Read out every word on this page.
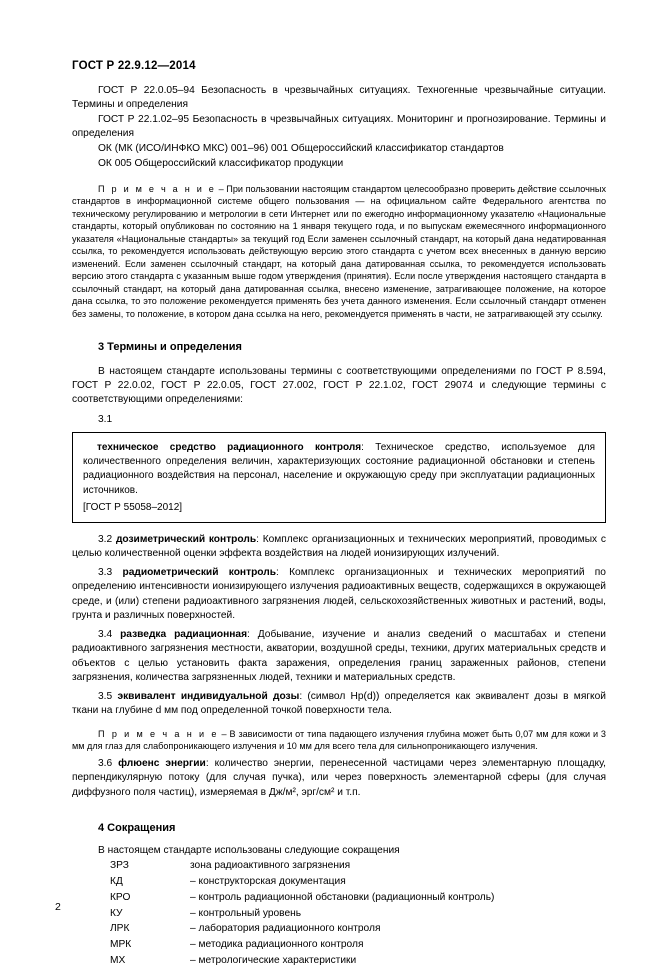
ГОСТ Р 22.9.12—2014

ГОСТ Р 22.0.05–94 Безопасность в чрезвычайных ситуациях. Техногенные чрезвычайные ситуации. Термины и определения

ГОСТ Р 22.1.02–95 Безопасность в чрезвычайных ситуациях. Мониторинг и прогнозирование. Термины и определения

ОК (МК (ИСО/ИНФКО МКС) 001–96) 001 Общероссийский классификатор стандартов
ОК 005 Общероссийский классификатор продукции
П р и м е ч а н и е – При пользовании настоящим стандартом целесообразно проверить действие ссылочных стандартов в информационной системе общего пользования — на официальном сайте Федерального агентства по техническому регулированию и метрологии в сети Интернет или по ежегодно информационному указателю «Национальные стандарты, который опубликован по состоянию на 1 января текущего года, и по выпускам ежемесячного информационного указателя «Национальные стандарты» за текущий год Если заменен ссылочный стандарт, на который дана недатированная ссылка, то рекомендуется использовать действующую версию этого стандарта с учетом всех внесенных в данную версию изменений. Если заменен ссылочный стандарт, на который дана датированная ссылка, то рекомендуется использовать версию этого стандарта с указанным выше годом утверждения (принятия). Если после утверждения настоящего стандарта в ссылочный стандарт, на который дана датированная ссылка, внесено изменение, затрагивающее положение, на которое дана ссылка, то это положение рекомендуется применять без учета данного изменения. Если ссылочный стандарт отменен без замены, то положение, в котором дана ссылка на него, рекомендуется применять в части, не затрагивающей эту ссылку.
3 Термины и определения

В настоящем стандарте использованы термины с соответствующими определениями по ГОСТ Р 8.594, ГОСТ Р 22.0.02, ГОСТ Р 22.0.05, ГОСТ 27.002, ГОСТ Р 22.1.02, ГОСТ 29074 и следующие термины с соответствующими определениями:

3.1

техническое средство радиационного контроля: Техническое средство, используемое для количественного определения величин, характеризующих состояние радиационной обстановки и степень радиационного воздействия на персонал, население и окружающую среду при эксплуатации радиационных источников.

[ГОСТ Р 55058–2012]

3.2 дозиметрический контроль: Комплекс организационных и технических мероприятий, проводимых с целью количественной оценки эффекта воздействия на людей ионизирующих излучений.

3.3 радиометрический контроль: Комплекс организационных и технических мероприятий по определению интенсивности ионизирующего излучения радиоактивных веществ, содержащихся в окружающей среде, и (или) степени радиоактивного загрязнения людей, сельскохозяйственных животных и растений, воды, грунта и различных поверхностей.

3.4 разведка радиационная: Добывание, изучение и анализ сведений о масштабах и степени радиоактивного загрязнения местности, акватории, воздушной среды, техники, других материальных средств и объектов с целью установить факта заражения, определения границ зараженных районов, степени загрязнения, количества загрязненных людей, техники и материальных средств.

3.5 эквивалент индивидуальной дозы: (символ Hp(d)) определяется как эквивалент дозы в мягкой ткани на глубине d мм под определенной точкой поверхности тела.

П р и м е ч а н и е – В зависимости от типа падающего излучения глубина может быть 0,07 мм для кожи и 3 мм для глаз для слабопроникающего излучения и 10 мм для всего тела для сильнопроникающего излучения.

3.6 флюенс энергии: количество энергии, перенесенной частицами через элементарную площадку, перпендикулярную потоку (для случая пучка), или через поверхность элементарной сферы (для случая диффузного поля частиц), измеряемая в Дж/м², эрг/см² и т.п.

4 Сокращения
В настоящем стандарте использованы следующие сокращения
ЗРЗ	зона радиоактивного загрязнения
КД	– конструкторская документация
КРО	– контроль радиационной обстановки (радиационный контроль)
КУ	– контрольный уровень
ЛРК	– лаборатория радиационного контроля
МРК	– методика радиационного контроля
МХ	– метрологические характеристики
2
